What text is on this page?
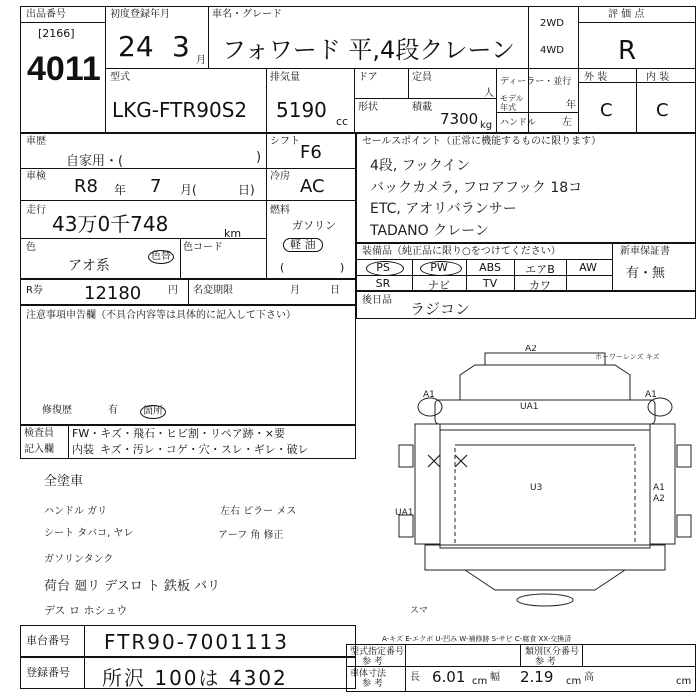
出品番号
[2166]
4011
初度登録年月
24 3 月
車名・グレード
フォワード 平,4段クレーン
2WD
4WD
評 価 点
R
型式
LKG-FTR90S2
排気量
5190 cc
ドア	定員
人
形状	積載
7300 kg
ディーラー・並行
モデル年式	年
ハンドル	左
外 装	内 装
C C
車歴
自家用・(	)
シフト
F6
車検 R8 年 7 月(	日)
冷房 AC
走行
43万0千748	km
燃料
ガソリン
軽 油
(	)
色
アオ系
色替
色コード
R券 12180	円 名変期限	月	日
注意事項申告欄（不具合内容等は具体的に記入して下さい）
修復歴	有	箇所
セールスポイント（正常に機能するものに限ります）
4段, フックイン
バックカメラ, フロアフック 18コ
ETC, アオリバランサー
TADANO クレーン
装備品（純正品に限り○をつけてください）	新車保証書
有・無
PS	PW	ABS	エアB	AW
SR	ナビ	TV	カワ
後日品 ラジコン
検査員
記入欄
FW・キズ・飛石・ヒビ割・リペア跡・×要
内装 キズ・汚レ・コゲ・穴・スレ・ギレ・破レ
全塗車
ハンドル ガリ
シート タバコ, ヤレ
ガソリンタンク
荷台 廻リ デスロ ト 鉄板 バリ
デス ロ ホシュウ
左右 ピラー メス
アーフ 角 修正
A2
A1
UA1
A1
U3	A1
A2
UA1
ホーワーレンズ キズ
スマ
車台番号 FTR90-7001113
登録番号 所沢 100は 4302
A-キズ E-エクボ U-凹み W-補修跡 S-サビ C-腐食 XX-交換済
型式指定番号
参 考
類別区分番号
参 考
車体寸法
参 考
長 6.01 cm 幅 2.19 cm 高	cm
